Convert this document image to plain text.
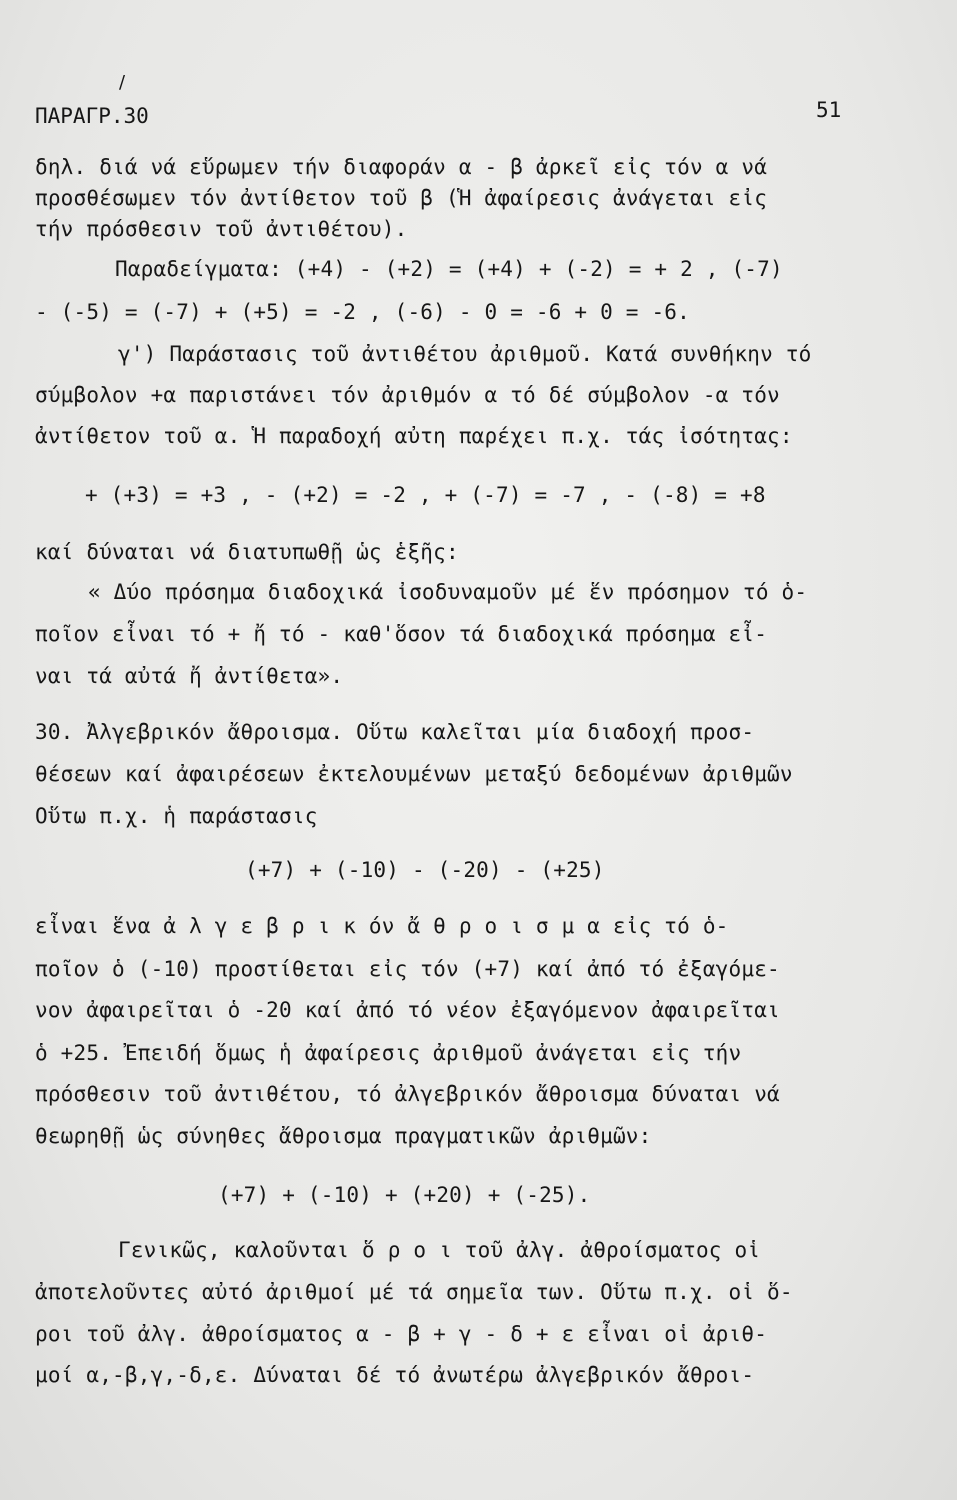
/
ΠΑΡΑΓΡ.30	51
δηλ. διά νά εὕρωμεν τήν διαφοράν α - β ἀρκεῖ εἰς τόν α νά
προσθέσωμεν τόν ἀντίθετον τοῦ β (Ἡ ἀφαίρεσις ἀνάγεται εἰς
τήν πρόσθεσιν τοῦ ἀντιθέτου).
Παραδείγματα: (+4) - (+2) = (+4) + (-2) = + 2 , (-7)
- (-5) = (-7) + (+5) = -2 , (-6) - 0 = -6 + 0 = -6.
γ') Παράστασις τοῦ ἀντιθέτου ἀριθμοῦ. Κατά συνθήκην τό
σύμβολον +α παριστάνει τόν ἀριθμόν α τό δέ σύμβολον -α τόν
ἀντίθετον τοῦ α. Ἡ παραδοχή αὐτη παρέχει π.χ. τάς ἰσότητας:
+ (+3) = +3 , - (+2) = -2 , + (-7) = -7 , - (-8) = +8
καί δύναται νά διατυπωθῇ ὡς ἑξῆς:
« Δύο πρόσημα διαδοχικά ἰσοδυναμοῦν μέ ἕν πρόσημον τό ὁ-
ποῖον εἶναι τό + ἤ τό - καθ'ὅσον τά διαδοχικά πρόσημα εἶ-
ναι τά αὐτά ἤ ἀντίθετα».
30. Ἀλγεβρικόν ἄθροισμα. Οὕτω καλεῖται μία διαδοχή προσ-
θέσεων καί ἀφαιρέσεων ἐκτελουμένων μεταξύ δεδομένων ἀριθμῶν
Οὕτω π.χ. ἡ παράστασις
(+7) + (-10) - (-20) - (+25)
εἶναι ἕνα ἀ λ γ ε β ρ ι κ όν ἄ θ ρ ο ι σ μ α εἰς τό ὁ-
ποῖον ὁ (-10) προστίθεται εἰς τόν (+7) καί ἀπό τό ἐξαγόμε-
νον ἀφαιρεῖται ὁ -20 καί ἀπό τό νέον ἐξαγόμενον ἀφαιρεῖται
ὁ +25. Ἐπειδή ὅμως ἡ ἀφαίρεσις ἀριθμοῦ ἀνάγεται εἰς τήν
πρόσθεσιν τοῦ ἀντιθέτου, τό ἀλγεβρικόν ἄθροισμα δύναται νά
θεωρηθῇ ὡς σύνηθες ἄθροισμα πραγματικῶν ἀριθμῶν:
(+7) + (-10) + (+20) + (-25).
Γενικῶς, καλοῦνται ὅ ρ ο ι τοῦ ἀλγ. ἀθροίσματος οἱ
ἀποτελοῦντες αὐτό ἀριθμοί μέ τά σημεῖα των. Οὕτω π.χ. οἱ ὅ-
ροι τοῦ ἀλγ. ἀθροίσματος α - β + γ - δ + ε εἶναι οἱ ἀριθ-
μοί α,-β,γ,-δ,ε. Δύναται δέ τό ἀνωτέρω ἀλγεβρικόν ἄθροι-
